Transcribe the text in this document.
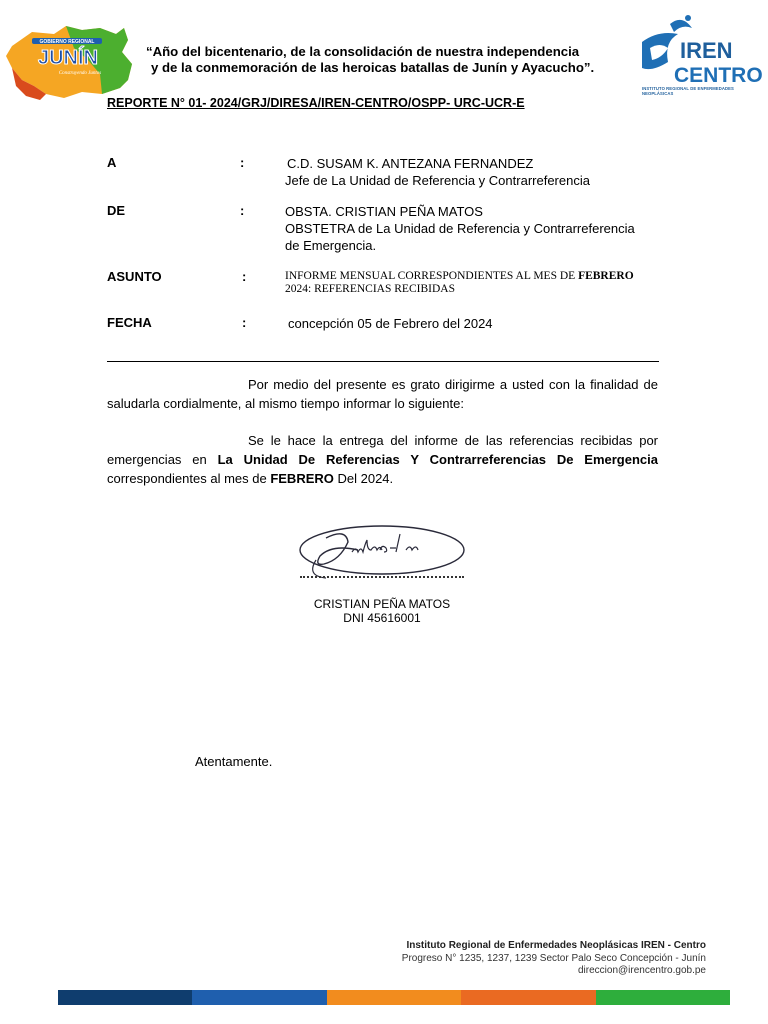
GOBIERNO REGIONAL
JUNÍN
Construyendo Juntos
“Año del bicentenario, de la consolidación de nuestra independencia
y de la conmemoración de las heroicas batallas de Junín y Ayacucho”.
IREN
CENTRO
INSTITUTO REGIONAL DE ENFERMEDADES NEOPLÁSICAS
REPORTE N° 01- 2024/GRJ/DIRESA/IREN-CENTRO/OSPP- URC-UCR-E
A	:	C.D. SUSAM K. ANTEZANA FERNANDEZ
Jefe de La Unidad de Referencia y Contrarreferencia
DE	:	OBSTA. CRISTIAN PEÑA MATOS
OBSTETRA de La Unidad de Referencia y Contrarreferencia
de Emergencia.
ASUNTO	:	INFORME MENSUAL CORRESPONDIENTES AL MES DE FEBRERO
2024: REFERENCIAS RECIBIDAS
FECHA	:	concepción 05 de Febrero del 2024
Por medio del presente es grato dirigirme a usted con la finalidad de saludarla cordialmente, al mismo tiempo informar lo siguiente:
Se le hace la entrega del informe de las referencias recibidas por emergencias en La Unidad De Referencias Y Contrarreferencias De Emergencia correspondientes al mes de FEBRERO Del 2024.
CRISTIAN PEÑA MATOS
DNI 45616001
Atentamente.
Instituto Regional de Enfermedades Neoplásicas IREN - Centro
Progreso N° 1235, 1237, 1239 Sector Palo Seco Concepción - Junín
direccion@irencentro.gob.pe
